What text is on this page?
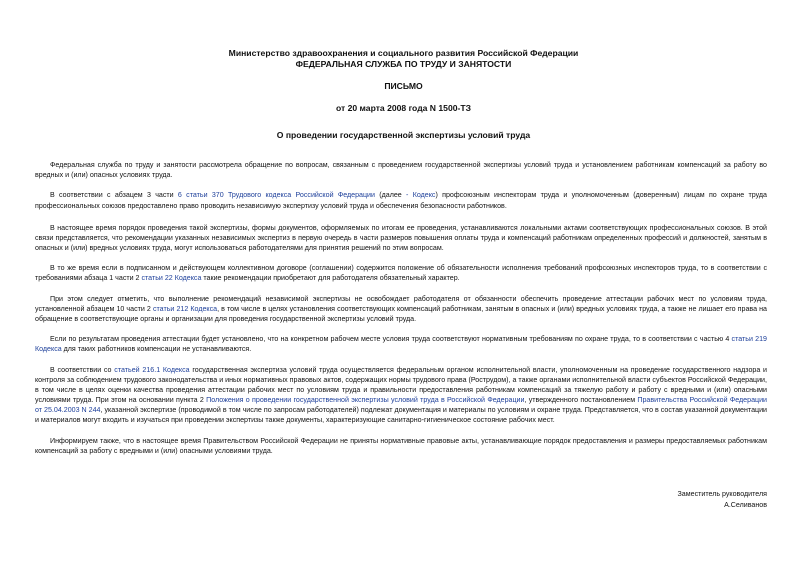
Министерство здравоохранения и социального развития Российской Федерации
ФЕДЕРАЛЬНАЯ СЛУЖБА ПО ТРУДУ И ЗАНЯТОСТИ
ПИСЬМО
от 20 марта 2008 года N 1500-ТЗ
О проведении государственной экспертизы условий труда

Федеральная служба по труду и занятости рассмотрела обращение по вопросам, связанным с проведением государственной экспертизы условий труда и установлением работникам компенсаций за работу во вредных и (или) опасных условиях труда.

В соответствии с абзацем 3 части 6 статьи 370 Трудового кодекса Российской Федерации (далее - Кодекс) профсоюзным инспекторам труда и уполномоченным (доверенным) лицам по охране труда профессиональных союзов предоставлено право проводить независимую экспертизу условий труда и обеспечения безопасности работников.

В настоящее время порядок проведения такой экспертизы, формы документов, оформляемых по итогам ее проведения, устанавливаются локальными актами соответствующих профессиональных союзов. В этой связи представляется, что рекомендации указанных независимых экспертиз в первую очередь в части размеров повышения оплаты труда и компенсаций работникам определенных профессий и должностей, занятым в опасных и (или) вредных условиях труда, могут использоваться работодателями для принятия решений по этим вопросам.

В то же время если в подписанном и действующем коллективном договоре (соглашении) содержится положение об обязательности исполнения требований профсоюзных инспекторов труда, то в соответствии с требованиями абзаца 1 части 2 статьи 22 Кодекса такие рекомендации приобретают для работодателя обязательный характер.

При этом следует отметить, что выполнение рекомендаций независимой экспертизы не освобождает работодателя от обязанности обеспечить проведение аттестации рабочих мест по условиям труда, установленной абзацем 10 части 2 статьи 212 Кодекса, в том числе в целях установления соответствующих компенсаций работникам, занятым в опасных и (или) вредных условиях труда, а также не лишает его права на обращение в соответствующие органы и организации для проведения государственной экспертизы условий труда.

Если по результатам проведения аттестации будет установлено, что на конкретном рабочем месте условия труда соответствуют нормативным требованиям по охране труда, то в соответствии с частью 4 статьи 219 Кодекса для таких работников компенсации не устанавливаются.

В соответствии со статьей 216.1 Кодекса государственная экспертиза условий труда осуществляется федеральным органом исполнительной власти, уполномоченным на проведение государственного надзора и контроля за соблюдением трудового законодательства и иных нормативных правовых актов, содержащих нормы трудового права (Рострудом), а также органами исполнительной власти субъектов Российской Федерации, в том числе в целях оценки качества проведения аттестации рабочих мест по условиям труда и правильности предоставления работникам компенсаций за тяжелую работу и работу с вредными и (или) опасными условиями труда. При этом на основании пункта 2 Положения о проведении государственной экспертизы условий труда в Российской Федерации, утвержденного постановлением Правительства Российской Федерации от 25.04.2003 N 244, указанной экспертизе (проводимой в том числе по запросам работодателей) подлежат документация и материалы по условиям и охране труда. Представляется, что в состав указанной документации и материалов могут входить и изучаться при проведении экспертизы также документы, характеризующие санитарно-гигиеническое состояние рабочих мест.

Информируем также, что в настоящее время Правительством Российской Федерации не приняты нормативные правовые акты, устанавливающие порядок предоставления и размеры предоставляемых работникам компенсаций за работу с вредными и (или) опасными условиями труда.

Заместитель руководителя
А.Селиванов
